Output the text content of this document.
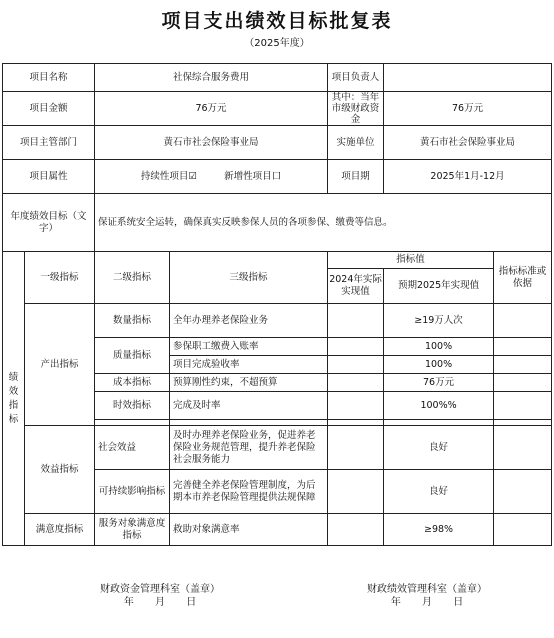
项目支出绩效目标批复表
（2025年度）
项目名称		社保综合服务费用		项目负责人		
项目金额		76万元		其中：当年市级财政资金	76万元	
项目主管部门		黄石市社会保险事业局		实施单位	黄石市社会保险事业局	
项目属性		持续性项目☑         新增性项目口		项目期	2025年1月-12月	
年度绩效目标（文字）		保证系统安全运转，确保真实反映参保人员的各项参保、缴费等信息。				
绩效指标	一级指标	二级指标	三级指标	指标值		指标标准或依据
				2024年实际实现值	预期2025年实现值	
	产出指标	数量指标	全年办理养老保险业务		≥19万人次	
		质量指标	参保职工缴费入账率		100%	
			项目完成验收率		100%	
		成本指标	预算刚性约束，不超预算		76万元	
		时效指标	完成及时率		100%%	

	效益指标	社会效益	及时办理养老保险业务，促进养老保险业务规范管理，提升养老保险社会服务能力		良好	
		可持续影响指标	完善健全养老保险管理制度，为后期本市养老保险管理提供法规保障		良好	
	满意度指标	服务对象满意度指标	救助对象满意率		≥98%	
财政资金管理科室（盖章）
年 月 日
财政绩效管理科室（盖章）
年 月 日
